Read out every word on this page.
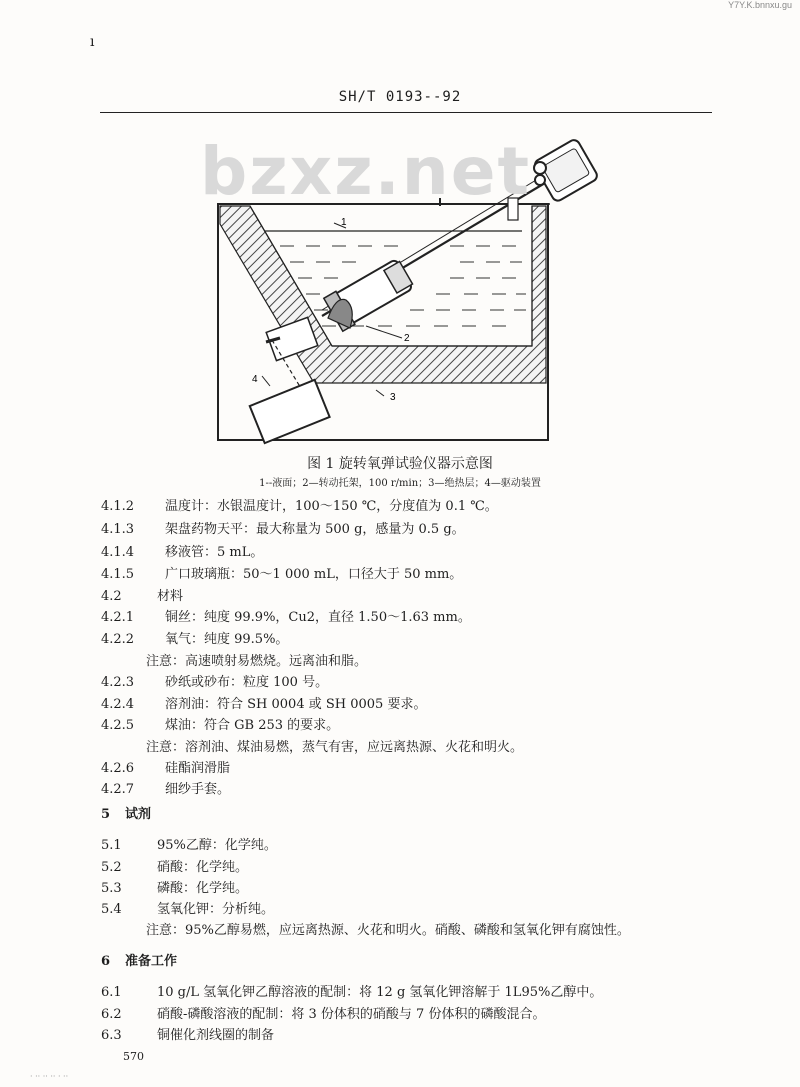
Y7Y.K.bnnxu.gu
ı
SH/T 0193--92
1
2
3
4
bzxz.net
图 1 旋转氧弹试验仪器示意图
1--液面；2—转动托架，100 r/min；3—绝热层；4—驱动装置
4.1.2 温度计：水银温度计，100～150 ℃，分度值为 0.1 ℃。
4.1.3 架盘药物天平：最大称量为 500 g，感量为 0.5 g。
4.1.4 移液管：5 mL。
4.1.5 广口玻璃瓶：50～1 000 mL，口径大于 50 mm。
4.2	材料
4.2.1 铜丝：纯度 99.9%，Cu2，直径 1.50～1.63 mm。
4.2.2 氧气：纯度 99.5%。
注意：高速喷射易燃烧。远离油和脂。
4.2.3 砂纸或砂布：粒度 100 号。
4.2.4 溶剂油：符合 SH 0004 或 SH 0005 要求。
4.2.5 煤油：符合 GB 253 的要求。
注意：溶剂油、煤油易燃，蒸气有害，应远离热源、火花和明火。
4.2.6 硅酯润滑脂
4.2.7 细纱手套。
5 试剂
5.1	95%乙醇：化学纯。
5.2	硝酸：化学纯。
5.3	磷酸：化学纯。
5.4	氢氧化钾：分析纯。
注意：95%乙醇易燃，应远离热源、火花和明火。硝酸、磷酸和氢氧化钾有腐蚀性。
6 准备工作
6.1	10 g/L 氢氧化钾乙醇溶液的配制：将 12 g 氢氧化钾溶解于 1L95%乙醇中。
6.2	硝酸-磷酸溶液的配制：将 3 份体积的硝酸与 7 份体积的磷酸混合。
6.3	铜催化剂线圈的制备
570
· ·· ·· ·· · ··
